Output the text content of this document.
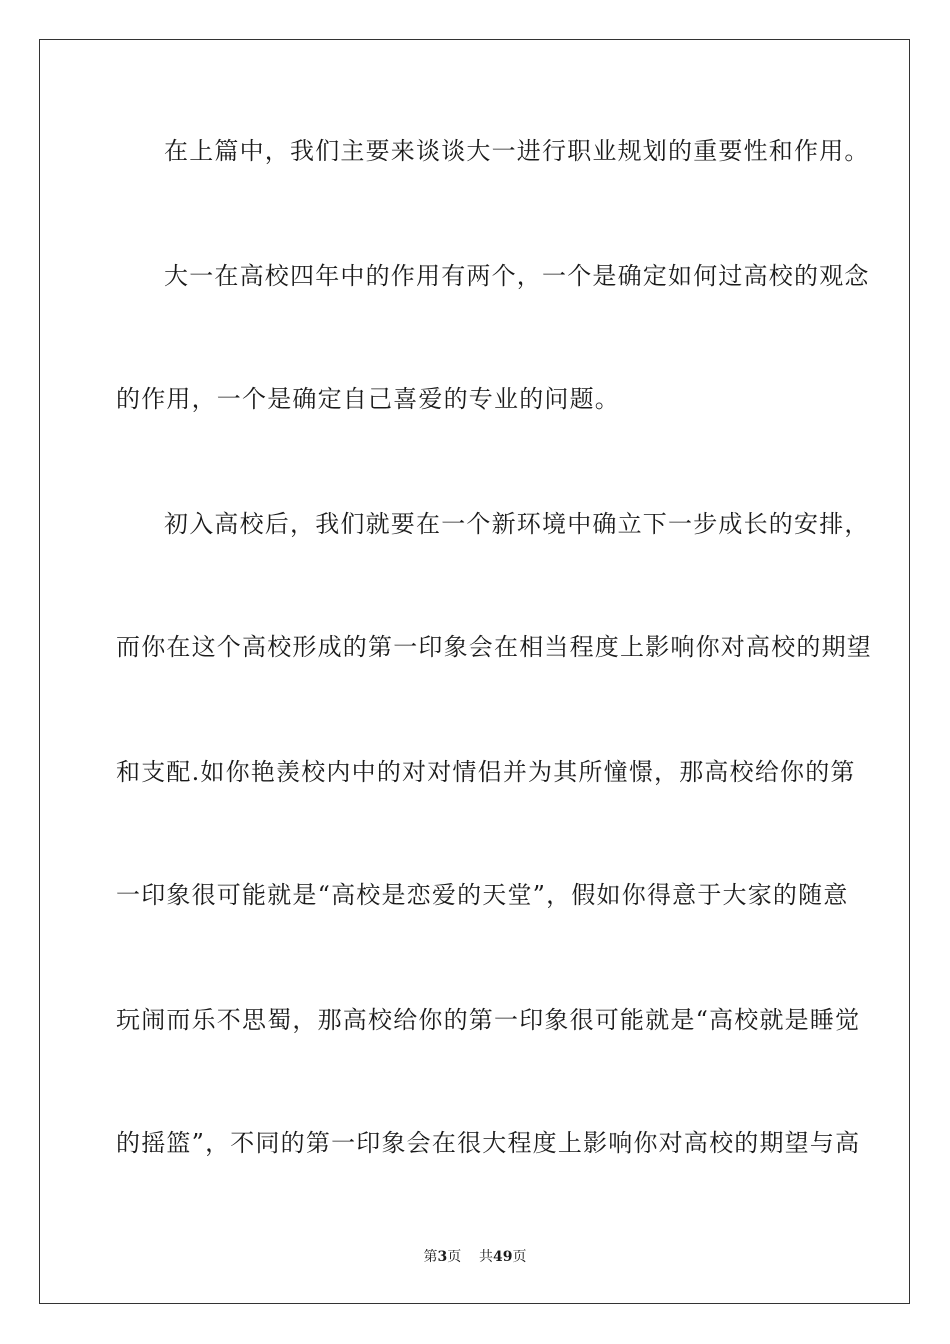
在上篇中，我们主要来谈谈大一进行职业规划的重要性和作用。
大一在高校四年中的作用有两个，一个是确定如何过高校的观念
的作用，一个是确定自己喜爱的专业的问题。
初入高校后，我们就要在一个新环境中确立下一步成长的安排，
而你在这个高校形成的第一印象会在相当程度上影响你对高校的期望
和支配.如你艳羡校内中的对对情侣并为其所憧憬，那高校给你的第
一印象很可能就是“高校是恋爱的天堂”，假如你得意于大家的随意
玩闹而乐不思蜀，那高校给你的第一印象很可能就是“高校就是睡觉
的摇篮”，不同的第一印象会在很大程度上影响你对高校的期望与高
第3页 共49页
